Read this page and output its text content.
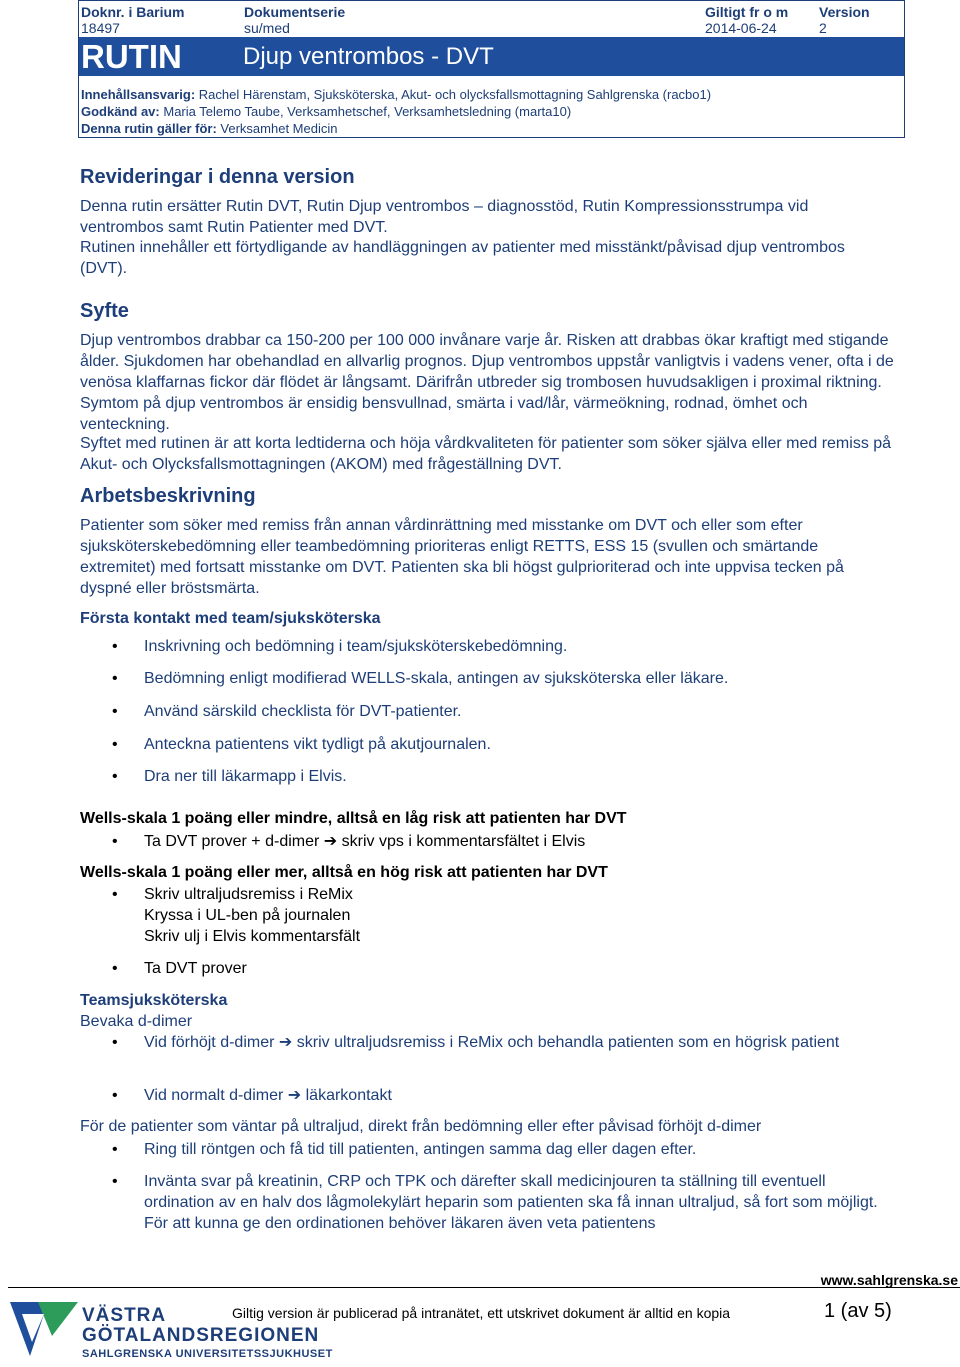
Doknr. i Barium
18497
Dokumentserie
su/med
Giltigt fr o m
2014-06-24
Version
2
RUTIN	Djup ventrombos - DVT
Innehållsansvarig: Rachel Härenstam, Sjuksköterska, Akut- och olycksfallsmottagning Sahlgrenska (racbo1)
Godkänd av: Maria Telemo Taube, Verksamhetschef, Verksamhetsledning (marta10)
Denna rutin gäller för: Verksamhet Medicin
Revideringar i denna version

Denna rutin ersätter Rutin DVT, Rutin Djup ventrombos – diagnosstöd, Rutin Kompressionsstrumpa vid ventrombos samt Rutin Patienter med DVT.

Rutinen innehåller ett förtydligande av handläggningen av patienter med misstänkt/påvisad djup ventrombos (DVT).

Syfte

Djup ventrombos drabbar ca 150-200 per 100 000 invånare varje år. Risken att drabbas ökar kraftigt med stigande ålder. Sjukdomen har obehandlad en allvarlig prognos. Djup ventrombos uppstår vanligtvis i vadens vener, ofta i de venösa klaffarnas fickor där flödet är långsamt. Därifrån utbreder sig trombosen huvudsakligen i proximal riktning. Symtom på djup ventrombos är ensidig bensvullnad, smärta i vad/lår, värmeökning, rodnad, ömhet och venteckning.

Syftet med rutinen är att korta ledtiderna och höja vårdkvaliteten för patienter som söker själva eller med remiss på Akut- och Olycksfallsmottagningen (AKOM) med frågeställning DVT.

Arbetsbeskrivning

Patienter som söker med remiss från annan vårdinrättning med misstanke om DVT och eller som efter sjuksköterskebedömning eller teambedömning prioriteras enligt RETTS, ESS 15 (svullen och smärtande extremitet) med fortsatt misstanke om DVT. Patienten ska bli högst gulprioriterad och inte uppvisa tecken på dyspné eller bröstsmärta.

Första kontakt med team/sjuksköterska

• Inskrivning och bedömning i team/sjuksköterskebedömning.

• Bedömning enligt modifierad WELLS-skala, antingen av sjuksköterska eller läkare.

• Använd särskild checklista för DVT-patienter.

• Anteckna patientens vikt tydligt på akutjournalen.

• Dra ner till läkarmapp i Elvis.

Wells-skala 1 poäng eller mindre, alltså en låg risk att patienten har DVT

• Ta DVT prover + d-dimer ➔ skriv vps i kommentarsfältet i Elvis

Wells-skala 1 poäng eller mer, alltså en hög risk att patienten har DVT

• Skriv ultraljudsremiss i ReMix

Kryssa i UL-ben på journalen
Skriv ulj i Elvis kommentarsfält
• Ta DVT prover

Teamsjuksköterska

Bevaka d-dimer
• Vid förhöjt d-dimer ➔ skriv ultraljudsremiss i ReMix och behandla patienten som en högrisk patient

• Vid normalt d-dimer ➔ läkarkontakt

För de patienter som väntar på ultraljud, direkt från bedömning eller efter påvisad förhöjt d-dimer

• Ring till röntgen och få tid till patienten, antingen samma dag eller dagen efter.

• Invänta svar på kreatinin, CRP och TPK och därefter skall medicinjouren ta ställning till eventuell ordination av en halv dos lågmolekylärt heparin som patienten ska få innan ultraljud, så fort som möjligt. För att kunna ge den ordinationen behöver läkaren även veta patientens

www.sahlgrenska.se
VÄSTRA
GÖTALANDSREGIONEN
SAHLGRENSKA UNIVERSITETSSJUKHUSET
Giltig version är publicerad på intranätet, ett utskrivet dokument är alltid en kopia	1 (av 5)
